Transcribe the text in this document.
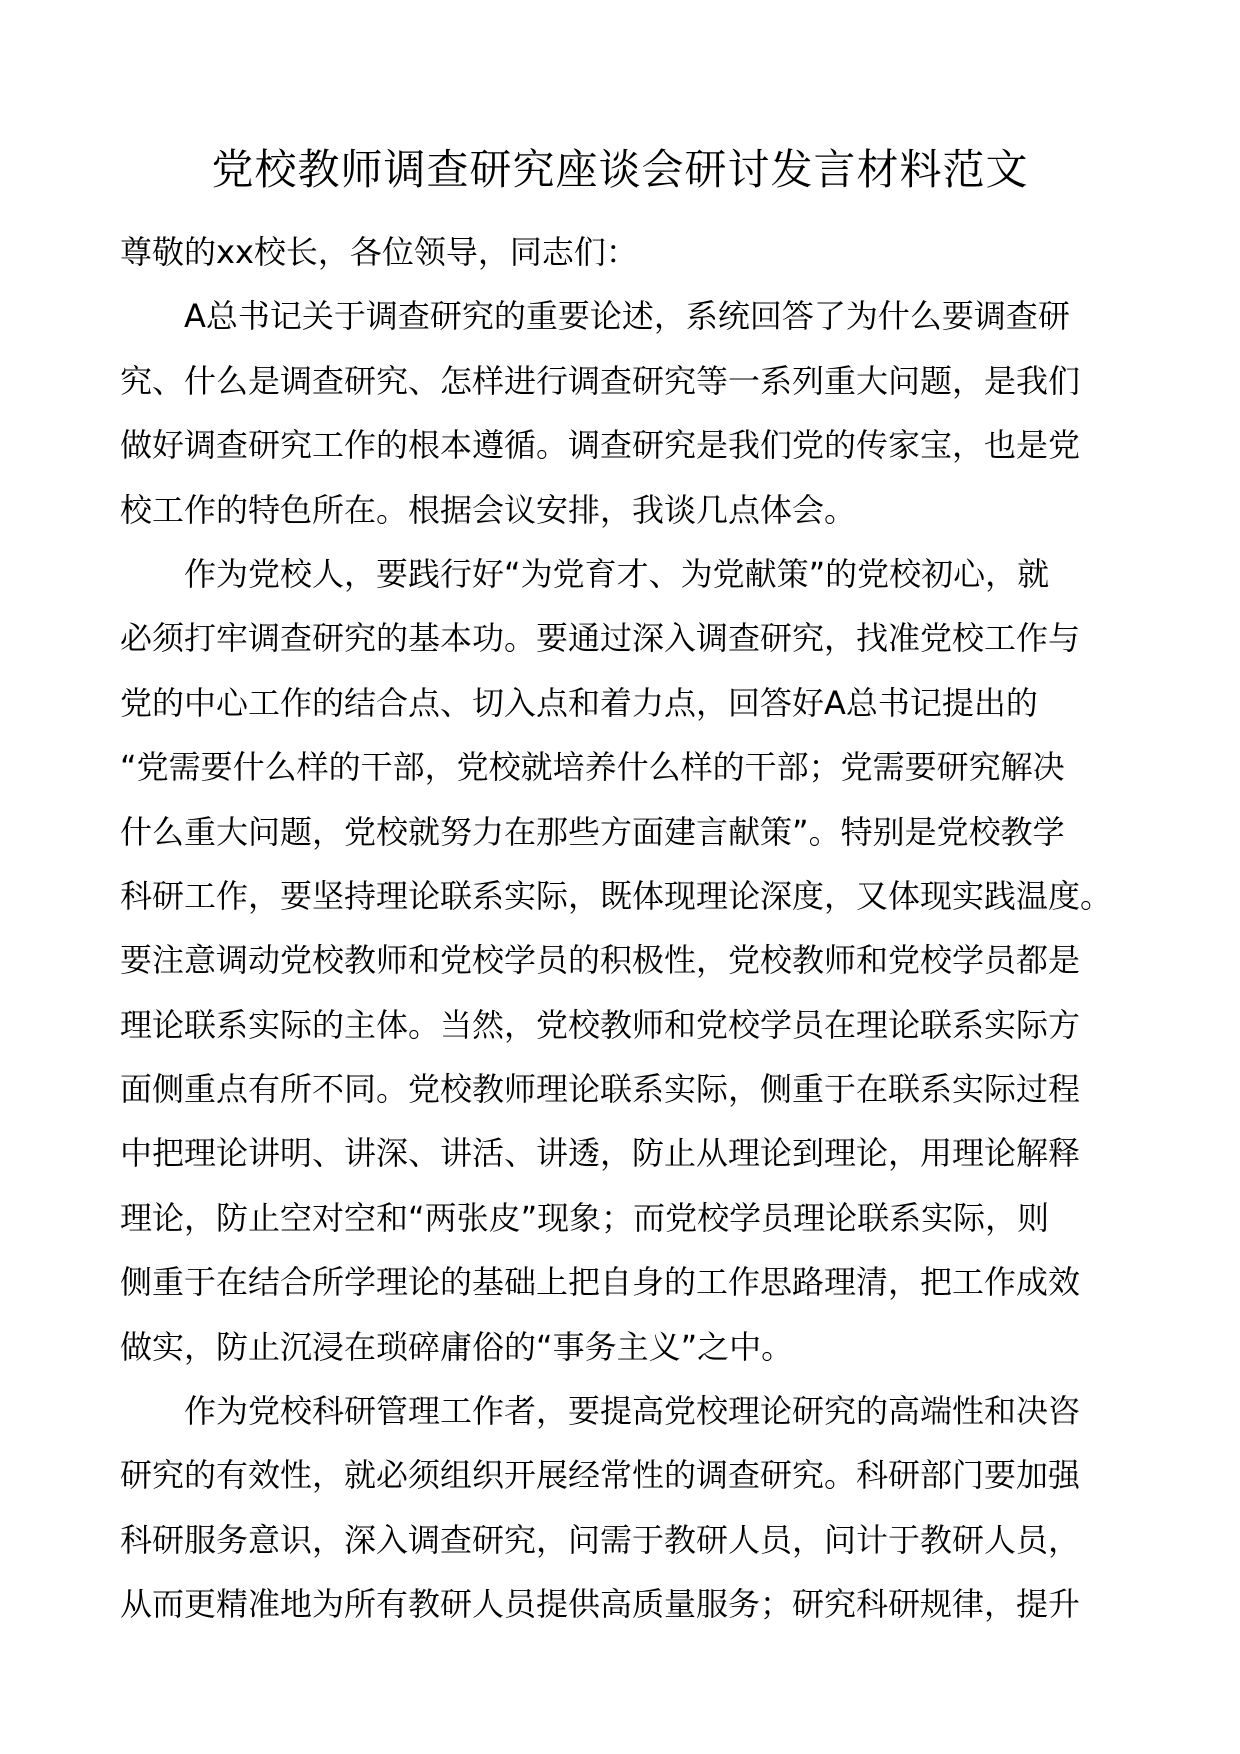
党校教师调查研究座谈会研讨发言材料范文

尊敬的xx校长，各位领导，同志们：

A总书记关于调查研究的重要论述，系统回答了为什么要调查研

究、什么是调查研究、怎样进行调查研究等一系列重大问题，是我们

做好调查研究工作的根本遵循。调查研究是我们党的传家宝，也是党

校工作的特色所在。根据会议安排，我谈几点体会。

作为党校人，要践行好“为党育才、为党献策”的党校初心，就

必须打牢调查研究的基本功。要通过深入调查研究，找准党校工作与

党的中心工作的结合点、切入点和着力点，回答好A总书记提出的

“党需要什么样的干部，党校就培养什么样的干部；党需要研究解决

什么重大问题，党校就努力在那些方面建言献策”。特别是党校教学

科研工作，要坚持理论联系实际，既体现理论深度，又体现实践温度。

要注意调动党校教师和党校学员的积极性，党校教师和党校学员都是

理论联系实际的主体。当然，党校教师和党校学员在理论联系实际方

面侧重点有所不同。党校教师理论联系实际，侧重于在联系实际过程

中把理论讲明、讲深、讲活、讲透，防止从理论到理论，用理论解释

理论，防止空对空和“两张皮”现象；而党校学员理论联系实际，则

侧重于在结合所学理论的基础上把自身的工作思路理清，把工作成效

做实，防止沉浸在琐碎庸俗的“事务主义”之中。

作为党校科研管理工作者，要提高党校理论研究的高端性和决咨

研究的有效性，就必须组织开展经常性的调查研究。科研部门要加强

科研服务意识，深入调查研究，问需于教研人员，问计于教研人员，

从而更精准地为所有教研人员提供高质量服务；研究科研规律，提升
